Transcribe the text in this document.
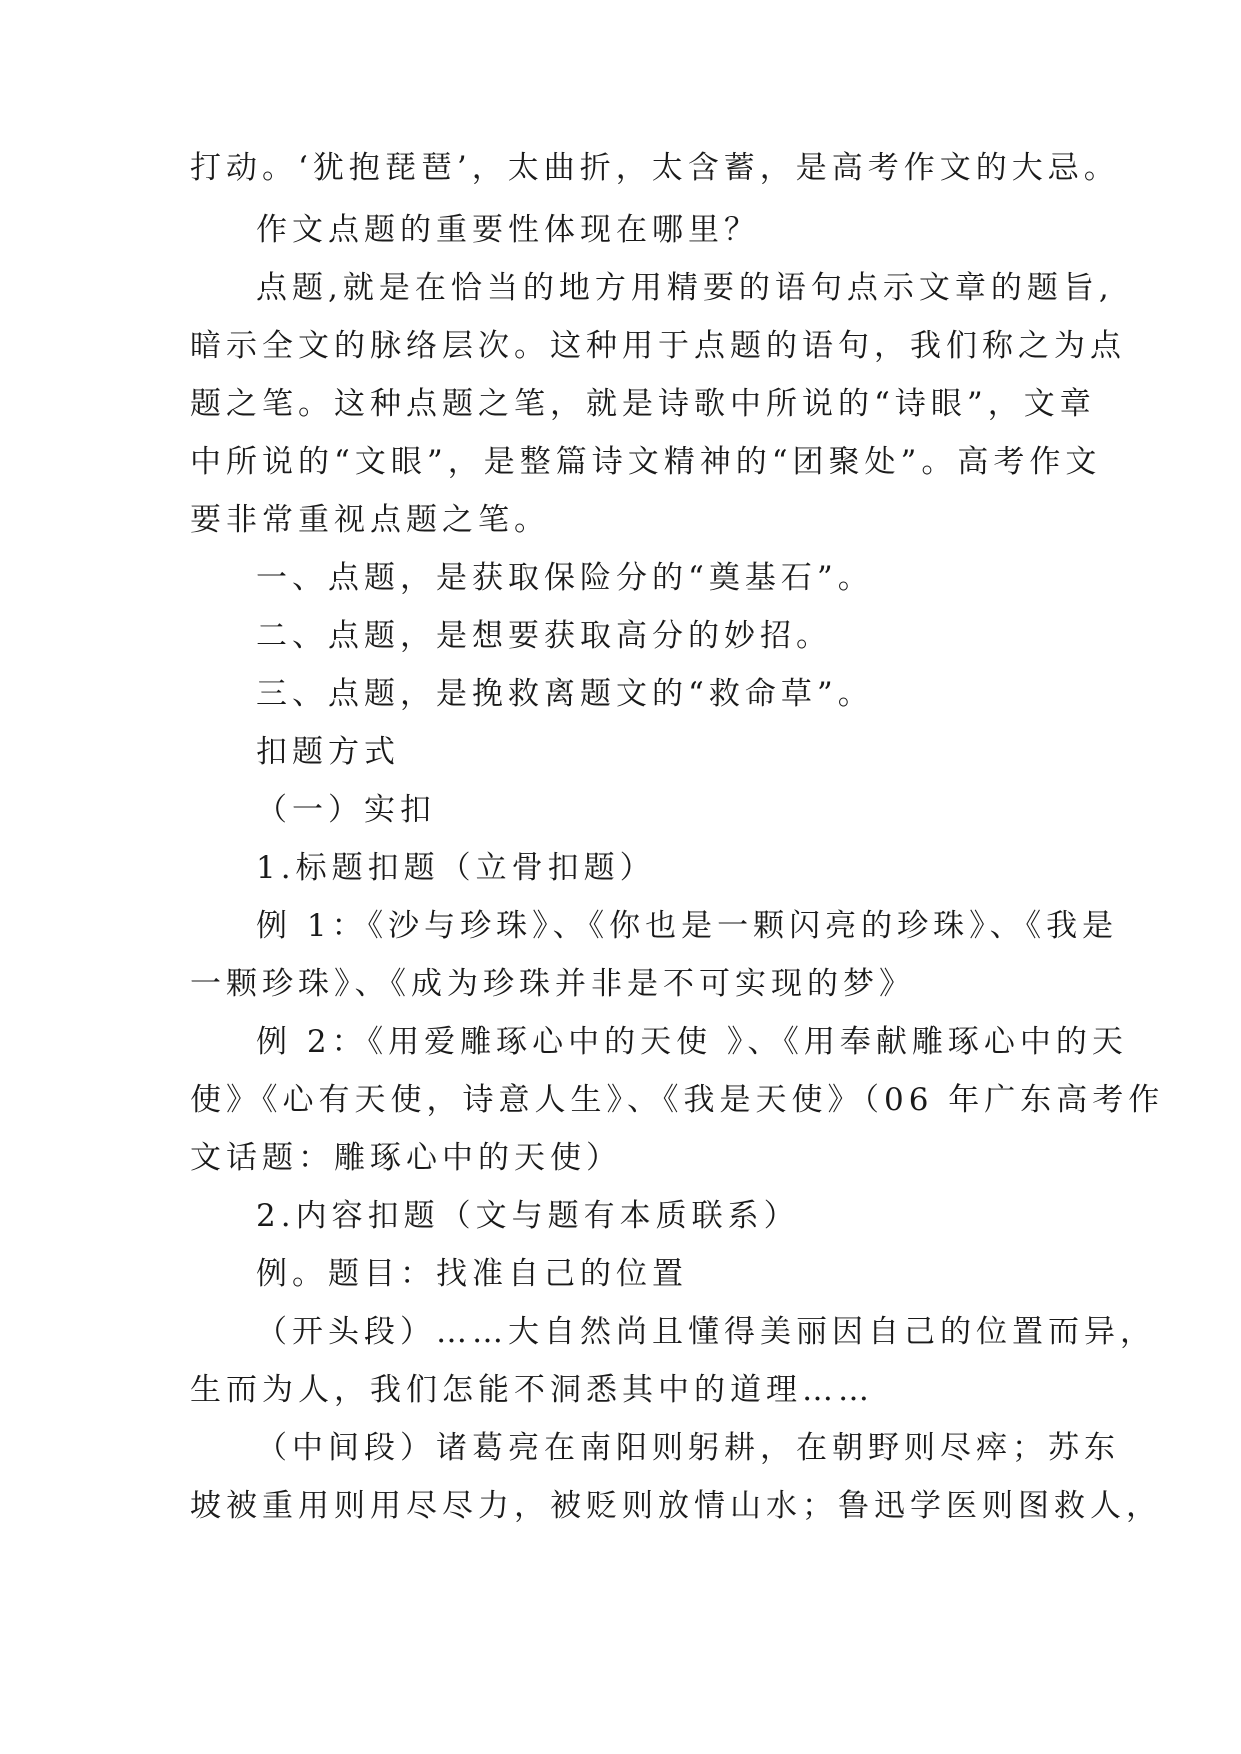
打动。‘犹抱琵琶’，太曲折，太含蓄，是高考作文的大忌。
作文点题的重要性体现在哪里？
点题,就是在恰当的地方用精要的语句点示文章的题旨,
暗示全文的脉络层次。这种用于点题的语句，我们称之为点
题之笔。这种点题之笔，就是诗歌中所说的“诗眼”，文章
中所说的“文眼”，是整篇诗文精神的“团聚处”。高考作文
要非常重视点题之笔。
一、点题，是获取保险分的“奠基石”。
二、点题，是想要获取高分的妙招。
三、点题，是挽救离题文的“救命草”。
扣题方式
（一）实扣
1.标题扣题（立骨扣题）
例 1：《沙与珍珠》、《你也是一颗闪亮的珍珠》、《我是
一颗珍珠》、《成为珍珠并非是不可实现的梦》
例 2：《用爱雕琢心中的天使 》、《用奉献雕琢心中的天
使》《心有天使，诗意人生》、《我是天使》（06 年广东高考作
文话题：雕琢心中的天使）
2.内容扣题（文与题有本质联系）
例。题目：找准自己的位置
（开头段）……大自然尚且懂得美丽因自己的位置而异，
生而为人，我们怎能不洞悉其中的道理……
（中间段）诸葛亮在南阳则躬耕，在朝野则尽瘁；苏东
坡被重用则用尽尽力，被贬则放情山水；鲁迅学医则图救人，
